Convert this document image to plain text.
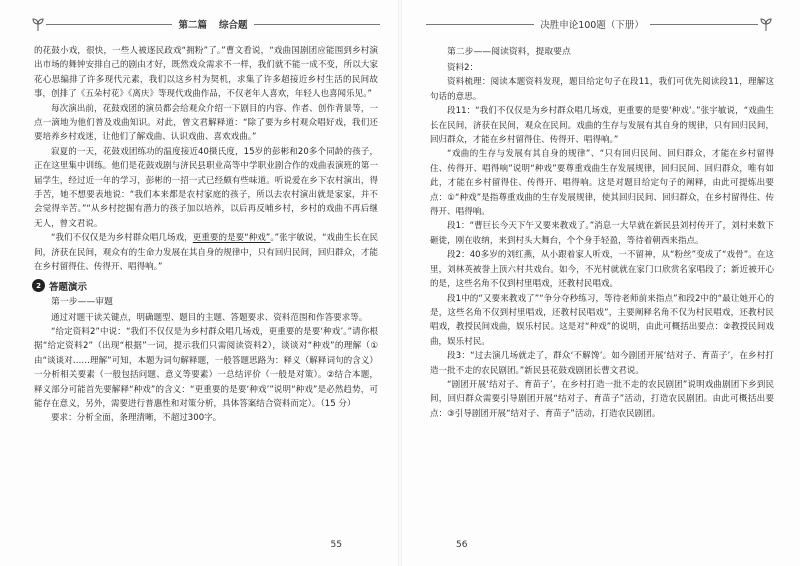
第二篇	综合题

的花鼓小戏，很快，一些人被逐民政戏“拥粉”了。”曹文看说，“戏曲国剧团应能围到乡村演出市场的舞钟安排自己的剧由才好，既然戏众需求不一样，我们就不能一成不变，所以大家花心思编排了许多现代元素，我们以这乡村为契机，求集了许多超接近乡村生活的民间故事，创排了《五朵村花》《离庆》等现代戏曲作品，不仅老年人喜欢，年轻人也喜闻乐见。”

每次演出前，花鼓戏团的演员都会给观众介绍一下剧目的内容、作者、创作背景等，一点一滴地为他们普及戏曲知识。对此，曾文君解释道：“除了要为乡村观众唱好戏，我们还要培养乡村戏迷，让他们了解戏曲、认识戏曲、喜欢戏曲。”

寂夏的一天，花鼓戏团练功的温度接近40摄氏度，15岁的彭彬和20多个同龄的孩子，正在这里集中训练。他们是花鼓戏剧与济民县职业高等中学职业剧合作的戏曲表演班的第一届学生，经过近一年的学习，彭彬的一招一式已经颇有些味道。听说爱在乡下农村演出，得手苦，她不想要表地说：“我们本来都是农村家庭的孩子，所以去农村演出就是家家，并不会觉得辛苦。”“从乡村挖掘有潜力的孩子加以培养，以后再反哺乡村，乡村的戏曲不再后继无人，曾文君说。

“我们不仅仅是为乡村群众唱几场戏，更重要的是要“种戏”。”张宇敏说，“戏曲生长在民间，济获在民间，观众有的生命力发展在其自身的规律中，只有回归民间，回归群众，才能在乡村留得住、传得开、唱得响。”

2 答题演示

第一步——审题

通过对题干读关键点，明确题型、题目的主题、答题要求、资料范围和作答要求等。

“给定资料2”中说：“我们不仅仅是为乡村群众唱几场戏，更重要的是要‘种戏’。”请你根据“给定资料2”（出现“根据”一词，提示我们只需阅读资料2），谈谈对“种戏”的理解（①由“谈谈对……理解”可知，本题为词句解释题，一般答题思路为：释义（解释词句的含义）一分析相关要素（一般包括问题、意义等要素）一总结评价（一般是对策）。②结合本题，释义部分可能首先要解释“种戏”的含义：“更重要的是要‘种戏’”说明“种戏”是必然趋势，可能存在意义，另外，需要进行普惠性和对策分析，具体答案结合资料而定）。（15 分）

要求：分析全面，条理清晰，不超过300字。

55
决胜申论100题（下册）

第二步——阅读资料，提取要点

资料2：

资料梳理：阅读本题资料发现，题目给定句子在段11，我们可优先阅读段11，理解这句话的意思。

段11：“我们不仅仅是为乡村群众唱几场戏，更重要的是要‘种戏’。”张宇敏说，“戏曲生长在民间，济获在民间，观众在民间。戏曲的生存与发展有其自身的规律，只有回归民间，回归群众，才能在乡村留得住、传得开、唱得响。”

“戏曲的生存与发展有其自身的规律”、“只有回归民间、回归群众，才能在乡村留得住、传得开、唱得响”说明“种戏”要尊重戏曲生存发展规律，回归民间、回归群众，唯有如此，才能在乡村留得住、传得开、唱得响。这是对题目给定句子的阐释，由此可提炼出要点：①“种戏”是指尊重戏曲的生存发展规律，使其回归民间、回归群众，在乡村留得住、传得开、唱得响。

段1：“曹巨长今天下午又要来教戏了。”消息一大早就在新民县刘村传开了，刘村来数下砸徙，刚在收纳，来到村头大舞台，个个身手轻盈，等待着朝西来指点。

段2：40多岁的刘红燕，从小跟着家人听戏，一不留神，从“粉丝”变成了“戏骨”。在这里，刘林英被誉上顶六村共戏台。如今，不光村就就在家门口欣赏名家唱段了；新近被开心的是，这些名角不仅到村里唱戏，还教村民唱戏。

段1中的“又要来教戏了”“争分夺秒练习，等待老师前来指点”和段2中的“最让她开心的是，这些名角不仅到村里唱戏，还教村民唱戏”，主要阐释名角不仅为村民唱戏，还教村民唱戏，教授民间戏曲，娱乐村民。这是对“种戏”的说明，由此可概括出要点：②教授民间戏曲，娱乐村民。

段3：“过去演几场就走了，群众‘不解馋’。如今剧团开展‘结对子、育苗子’，在乡村打造一批不走的农民剧团。”新民县花鼓戏剧团长曹文君说。

“剧团开展‘结对子、育苗子’，在乡村打造一批不走的农民剧团”说明戏曲剧团下乡到民间，回归群众需要引导剧团开展“结对子、育苗子”活动，打造农民剧团。由此可概括出要点：③引导剧团开展“结对子、育苗子”活动，打造农民剧团。

56
